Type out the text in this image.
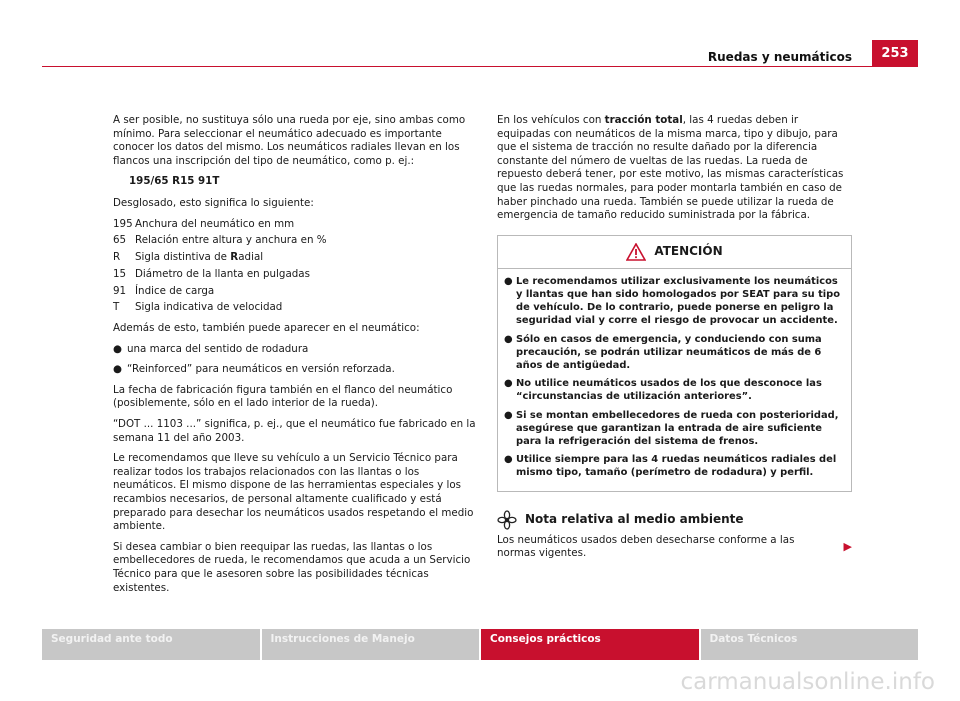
Ruedas y neumáticos	253

A ser posible, no sustituya sólo una rueda por eje, sino ambas como mínimo. Para seleccionar el neumático adecuado es importante conocer los datos del mismo. Los neumáticos radiales llevan en los flancos una inscripción del tipo de neumático, como p. ej.:

195/65 R15 91T

Desglosado, esto significa lo siguiente:

195 Anchura del neumático en mm
65 Relación entre altura y anchura en %
R	Sigla distintiva de Radial
15 Diámetro de la llanta en pulgadas
91 Índice de carga
T	Sigla indicativa de velocidad

Además de esto, también puede aparecer en el neumático:

● una marca del sentido de rodadura
● “Reinforced” para neumáticos en versión reforzada.

La fecha de fabricación figura también en el flanco del neumático (posiblemente, sólo en el lado interior de la rueda).

“DOT ... 1103 ...” significa, p. ej., que el neumático fue fabricado en la semana 11 del año 2003.

Le recomendamos que lleve su vehículo a un Servicio Técnico para realizar todos los trabajos relacionados con las llantas o los neumáticos. El mismo dispone de las herramientas especiales y los recambios necesarios, de personal altamente cualificado y está preparado para desechar los neumáticos usados respetando el medio ambiente.

Si desea cambiar o bien reequipar las ruedas, las llantas o los embellecedores de rueda, le recomendamos que acuda a un Servicio Técnico para que le asesoren sobre las posibilidades técnicas existentes.

En los vehículos con tracción total, las 4 ruedas deben ir equipadas con neumáticos de la misma marca, tipo y dibujo, para que el sistema de tracción no resulte dañado por la diferencia constante del número de vueltas de las ruedas. La rueda de repuesto deberá tener, por este motivo, las mismas características que las ruedas normales, para poder montarla también en caso de haber pinchado una rueda. También se puede utilizar la rueda de emergencia de tamaño reducido suministrada por la fábrica.

ATENCIÓN
● Le recomendamos utilizar exclusivamente los neumáticos y llantas que han sido homologados por SEAT para su tipo de vehículo. De lo contrario, puede ponerse en peligro la seguridad vial y corre el riesgo de provocar un accidente.
● Sólo en casos de emergencia, y conduciendo con suma precaución, se podrán utilizar neumáticos de más de 6 años de antigüedad.
● No utilice neumáticos usados de los que desconoce las “circunstancias de utilización anteriores”.
● Si se montan embellecedores de rueda con posterioridad, asegúrese que garantizan la entrada de aire suficiente para la refrigeración del sistema de frenos.
● Utilice siempre para las 4 ruedas neumáticos radiales del mismo tipo, tamaño (perímetro de rodadura) y perfil.
Nota relativa al medio ambiente
Los neumáticos usados deben desecharse conforme a las normas vigentes.	▶
Seguridad ante todo	Instrucciones de Manejo	Consejos prácticos	Datos Técnicos
carmanualsonline.info
